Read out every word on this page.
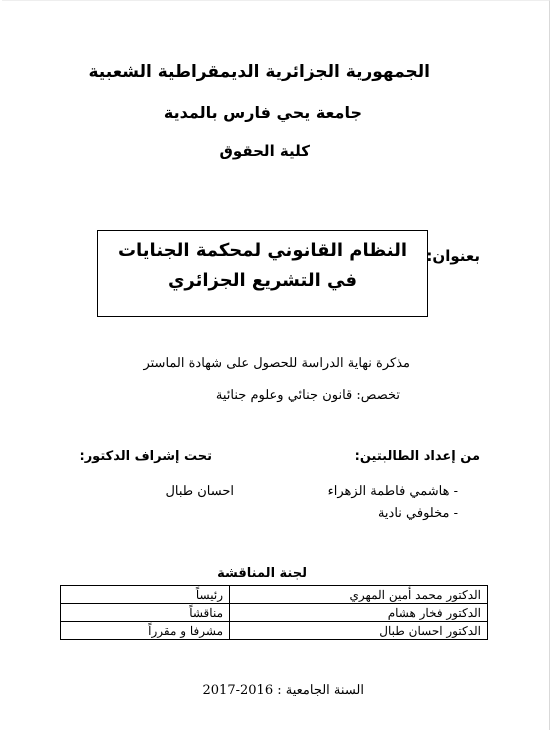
الجمهورية الجزائرية الديمقراطية الشعبية
جامعة يحي فارس بالمدية
كلية الحقوق
بعنوان:
النظام القانوني لمحكمة الجنايات
في التشريع الجزائري
مذكرة نهاية الدراسة للحصول على شهادة الماستر
تخصص: قانون جنائي وعلوم جنائية
من إعداد الطالبتين:
تحت إشراف الدكتور:
- هاشمي فاطمة الزهراء
- مخلوفي نادية
احسان طبال
لجنة المناقشة
الدكتور محمد أمين المهري	رئيساً
الدكتور فخار هشام	مناقشاً
الدكتور احسان طبال	مشرفا و مقرراً
السنة الجامعية : 2016-2017
